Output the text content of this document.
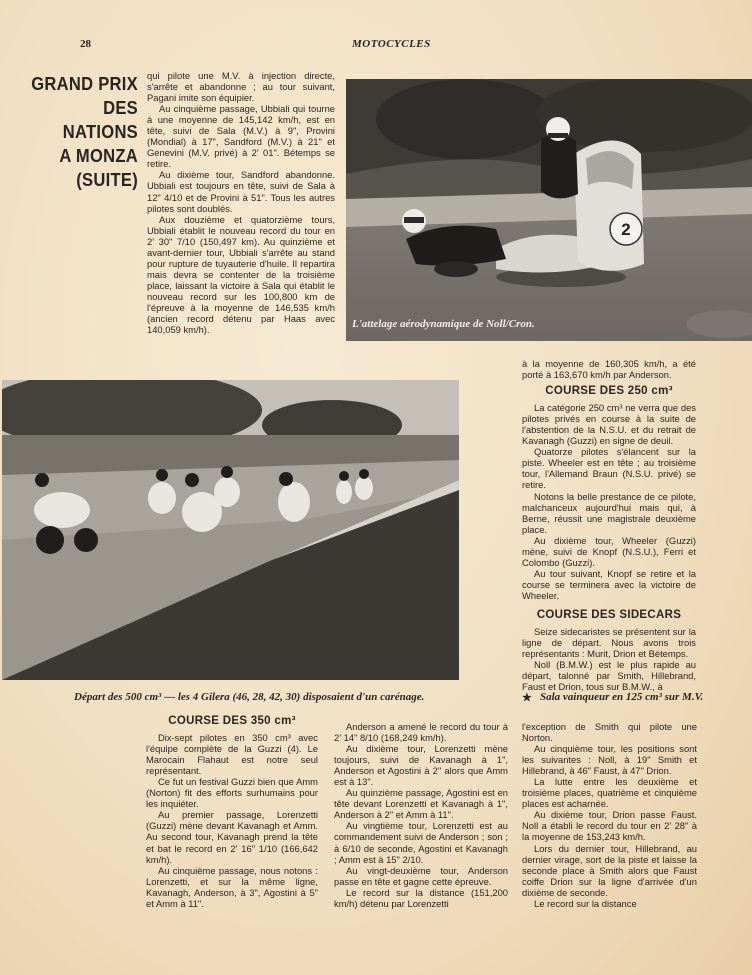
28	MOTOCYCLES
GRAND PRIX
DES NATIONS
A MONZA
(SUITE)

qui pilote une M.V. à injection directe, s'arrête et abandonne ; au tour suivant, Pagani imite son équipier.

Au cinquième passage, Ubbiali qui tourne à une moyenne de 145,142 km/h, est en tête, suivi de Sala (M.V.) à 9", Provini (Mondial) à 17", Sandford (M.V.) à 21" et Genevini (M.V. privé) à 2' 01". Bétemps se retire.

Au dixième tour, Sandford abandonne. Ubbiali est toujours en tête, suivi de Sala à 12" 4/10 et de Provini à 51". Tous les autres pilotes sont doublés.

Aux douzième et quatorzième tours, Ubbiali établit le nouveau record du tour en 2' 30" 7/10 (150,497 km). Au quinzième et avant-dernier tour, Ubbiali s'arrête au stand pour rupture de tuyauterie d'huile. Il repartira mais devra se contenter de la troisième place, laissant la victoire à Sala qui établit le nouveau record sur les 100,800 km de l'épreuve à la moyenne de 146,535 km/h (ancien record détenu par Haas avec 140,059 km/h).

2
L'attelage aérodynamique de Noll/Cron.

à la moyenne de 160,305 km/h, a été porté à 163,670 km/h par Anderson.

COURSE DES 250 cm³

La catégorie 250 cm³ ne verra que des pilotes privés en course à la suite de l'abstention de la N.S.U. et du retrait de Kavanagh (Guzzi) en signe de deuil.

Quatorze pilotes s'élancent sur la piste. Wheeler est en tête ; au troisième tour, l'Allemand Braun (N.S.U. privé) se retire.

Notons la belle prestance de ce pilote, malchanceux aujourd'hui mais qui, à Berne, réussit une magistrale deuxième place.

Au dixième tour, Wheeler (Guzzi) mène, suivi de Knopf (N.S.U.), Ferri et Colombo (Guzzi).

Au tour suivant, Knopf se retire et la course se terminera avec la victoire de Wheeler.

COURSE DES SIDECARS

Seize sidecaristes se présentent sur la ligne de départ. Nous avons trois représentants : Murit, Drion et Bétemps.

Noll (B.M.W.) est le plus rapide au départ, talonné par Smith, Hillebrand, Faust et Drion, tous sur B.M.W., à

Départ des 500 cm³ — les 4 Gilera (46, 28, 42, 30) disposaient d'un carénage.	★ Sala vainqueur en 125 cm³ sur M.V.
COURSE DES 350 cm³

Dix-sept pilotes en 350 cm³ avec l'équipe complète de la Guzzi (4). Le Marocain Flahaut est notre seul représentant.

Ce fut un festival Guzzi bien que Amm (Norton) fit des efforts surhumains pour les inquiéter.

Au premier passage, Lorenzetti (Guzzi) mène devant Kavanagh et Amm. Au second tour, Kavanagh prend la tête et bat le record en 2' 16" 1/10 (166,642 km/h).

Au cinquième passage, nous notons : Lorenzetti, et sur la même ligne, Kavanagh, Anderson, à 3", Agostini à 5" et Amm à 11".

Anderson a amené le record du tour à 2' 14" 8/10 (168,249 km/h).

Au dixième tour, Lorenzetti mène toujours, suivi de Kavanagh à 1", Anderson et Agostini à 2" alors que Amm est à 13".

Au quinzième passage, Agostini est en tête devant Lorenzetti et Kavanagh à 1", Anderson à 2" et Amm à 11".

Au vingtième tour, Lorenzetti est au commandement suivi de Anderson ; son ; à 6/10 de seconde, Agostini et Kavanagh ; Amm est à 15" 2/10.

Au vingt-deuxième tour, Anderson passe en tête et gagne cette épreuve.

Le record sur la distance (151,200 km/h) détenu par Lorenzetti

l'exception de Smith qui pilote une Norton.

Au cinquième tour, les positions sont les suivantes : Noll, à 19" Smith et Hillebrand, à 46" Faust, à 47" Drion.

La lutte entre les deuxième et troisième places, quatrième et cinquième places est acharnée.

Au dixième tour, Drion passe Faust. Noll a établi le record du tour en 2' 28" à la moyenne de 153,243 km/h.

Lors du dernier tour, Hillebrand, au dernier virage, sort de la piste et laisse la seconde place à Smith alors que Faust coiffe Drion sur la ligne d'arrivée d'un dixième de seconde.

Le record sur la distance
